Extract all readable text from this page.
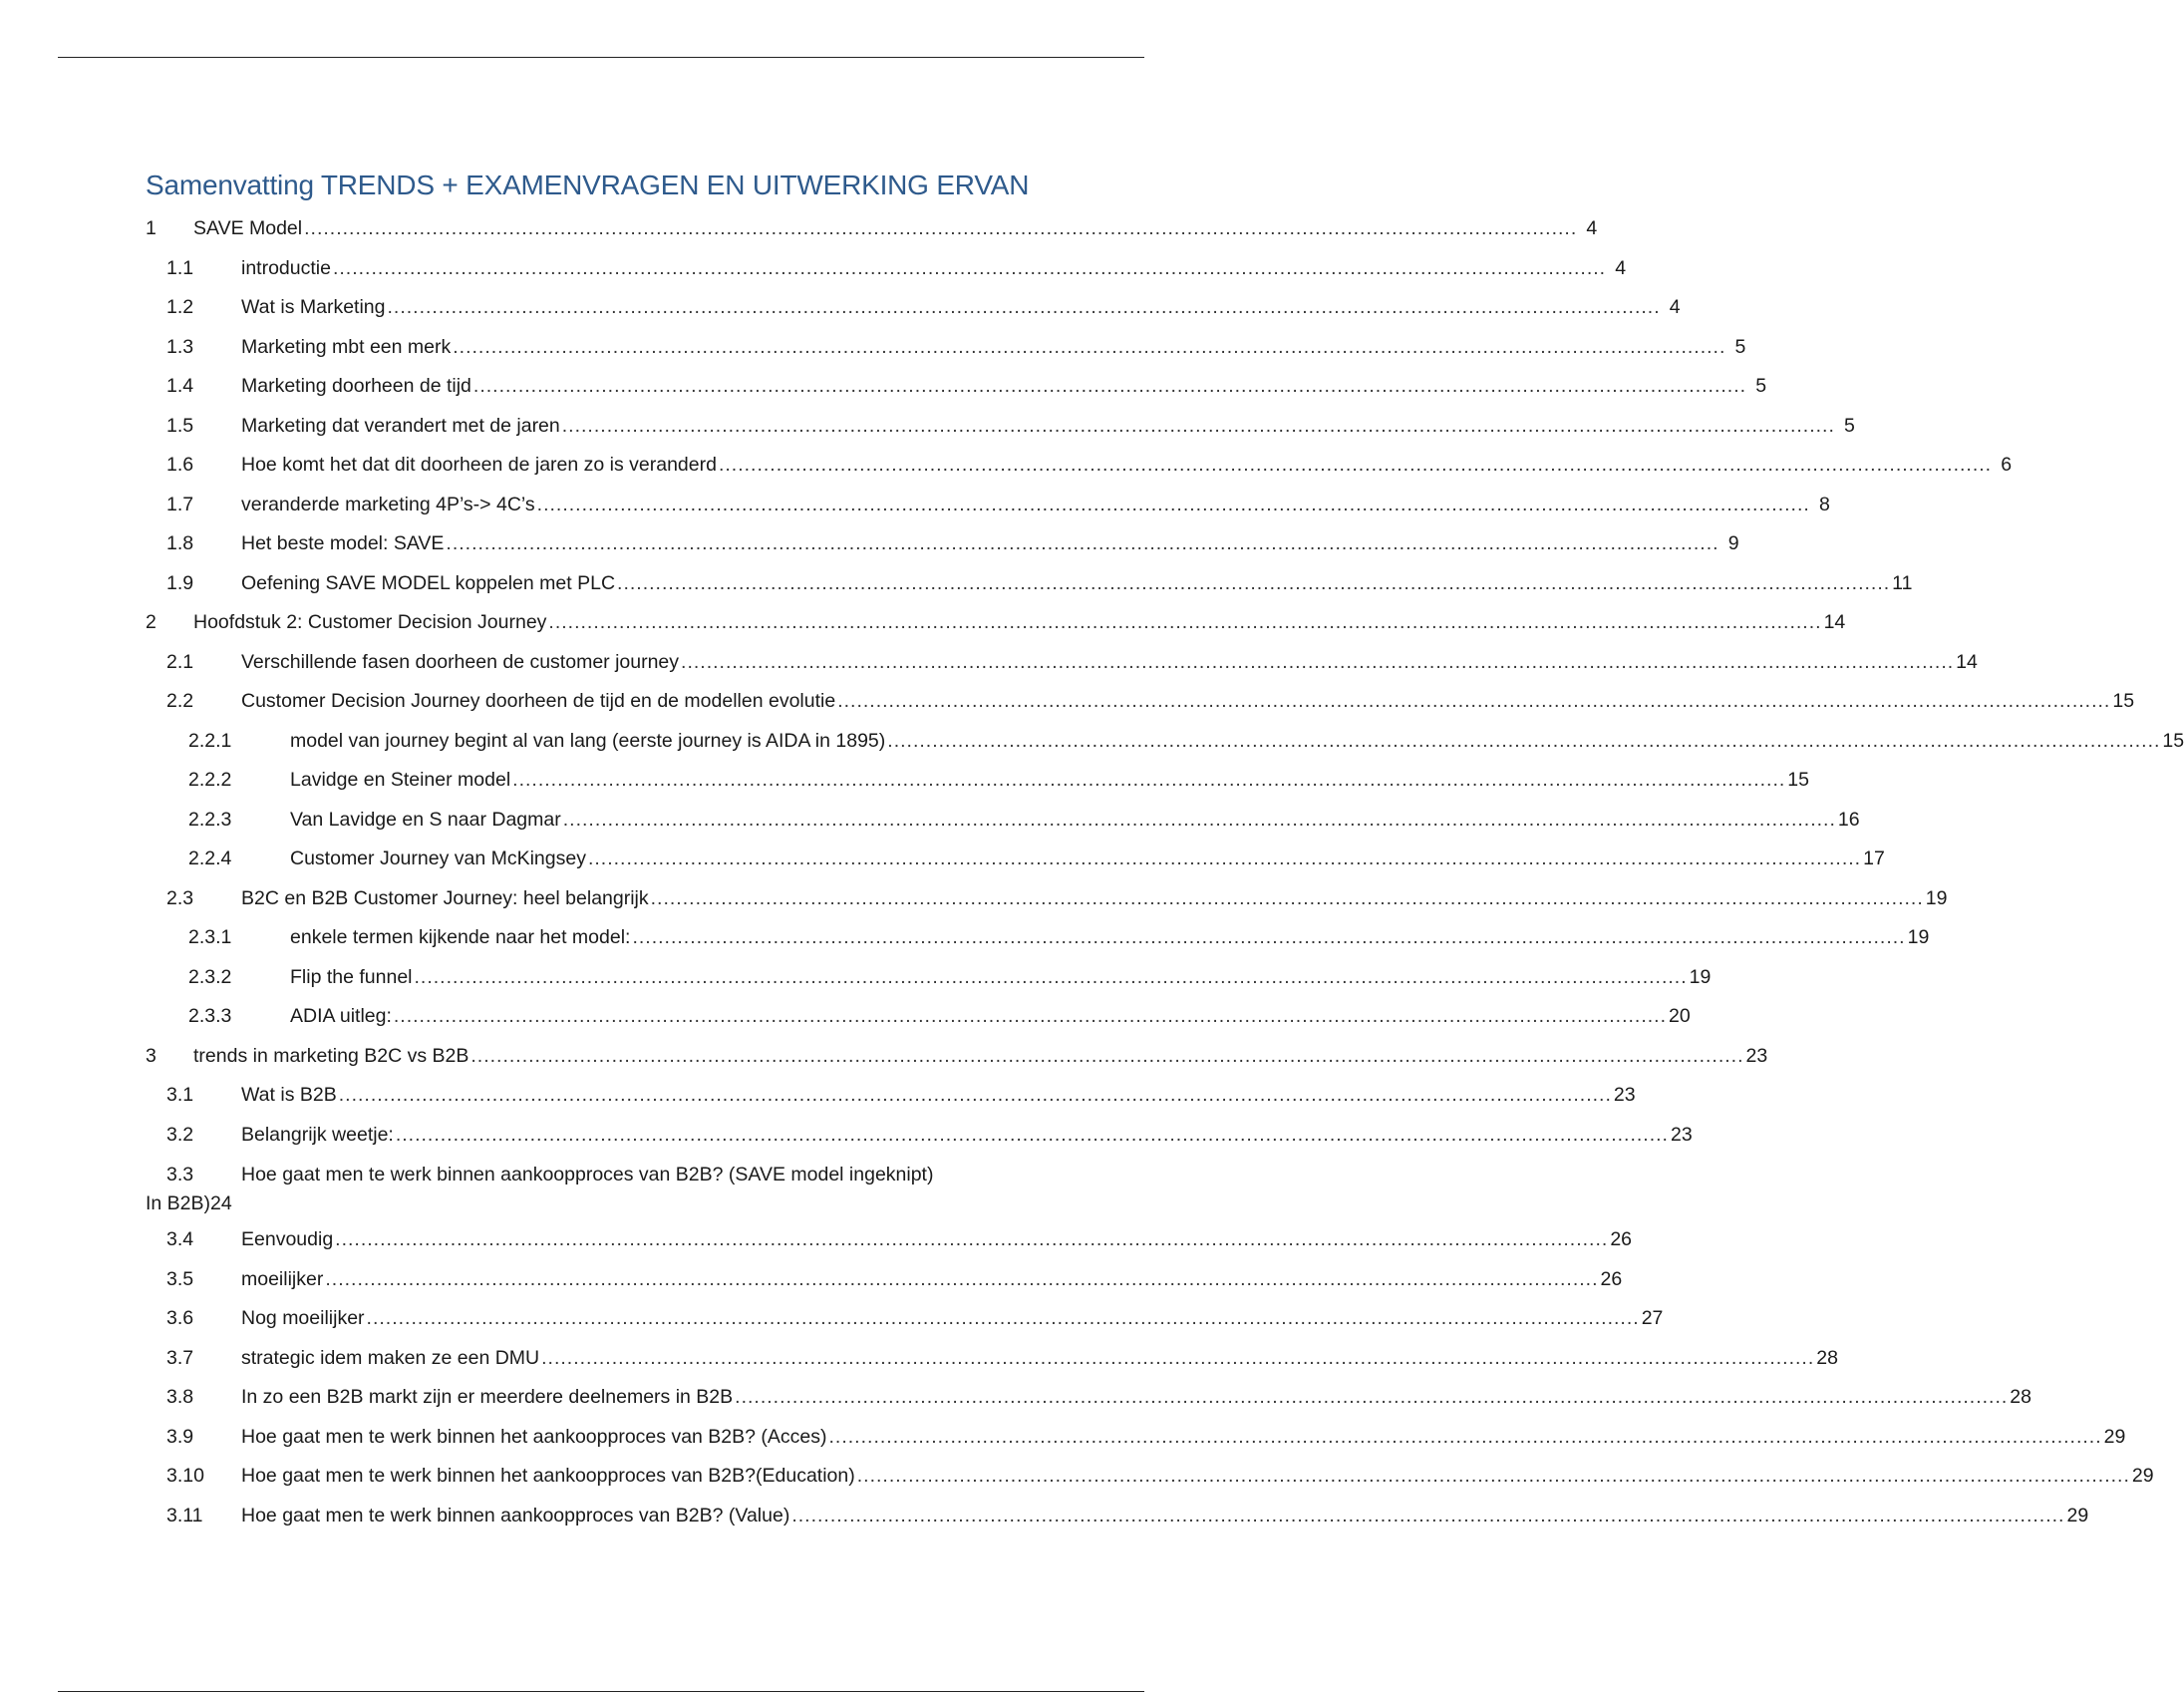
Samenvatting TRENDS + EXAMENVRAGEN EN UITWERKING ERVAN
1	SAVE Model .....	4
1.1	introductie .....	4
1.2	Wat is Marketing .....	4
1.3	Marketing mbt een merk .....	5
1.4	Marketing doorheen de tijd .....	5
1.5	Marketing dat verandert met de jaren .....	5
1.6	Hoe komt het dat dit doorheen de jaren zo is veranderd .....	6
1.7	veranderde marketing 4P’s-> 4C’s .....	8
1.8	Het beste model: SAVE .....	9
1.9	Oefening SAVE MODEL koppelen met PLC .....	11
2	Hoofdstuk 2: Customer Decision Journey .....	14
2.1	Verschillende fasen doorheen de customer journey .....	14
2.2	Customer Decision Journey doorheen de tijd en de modellen evolutie .....	15
2.2.1	model van journey begint al van lang (eerste journey is AIDA in 1895) .....	15
2.2.2	Lavidge en Steiner model .....	15
2.2.3	Van Lavidge en S naar Dagmar .....	16
2.2.4	Customer Journey van McKingsey .....	17
2.3	B2C en B2B Customer Journey: heel belangrijk .....	19
2.3.1	enkele termen kijkende naar het model: .....	19
2.3.2	Flip the funnel .....	19
2.3.3	ADIA uitleg: .....	20
3	trends in marketing B2C vs B2B .....	23
3.1	Wat is B2B .....	23
3.2	Belangrijk weetje: .....	23
3.3 Hoe gaat men te werk binnen aankoopproces van B2B? (SAVE model ingeknipt)
In B2B)24
3.4	Eenvoudig .....	26
3.5	moeilijker .....	26
3.6	Nog moeilijker .....	27
3.7	strategic idem maken ze een DMU .....	28
3.8	In zo een B2B markt zijn er meerdere deelnemers in B2B .....	28
3.9	Hoe gaat men te werk binnen het aankoopproces van B2B? (Acces) .....	29
3.10	Hoe gaat men te werk binnen het aankoopproces van B2B?(Education) .....	29
3.11	Hoe gaat men te werk binnen aankoopproces van B2B? (Value) .....	29
